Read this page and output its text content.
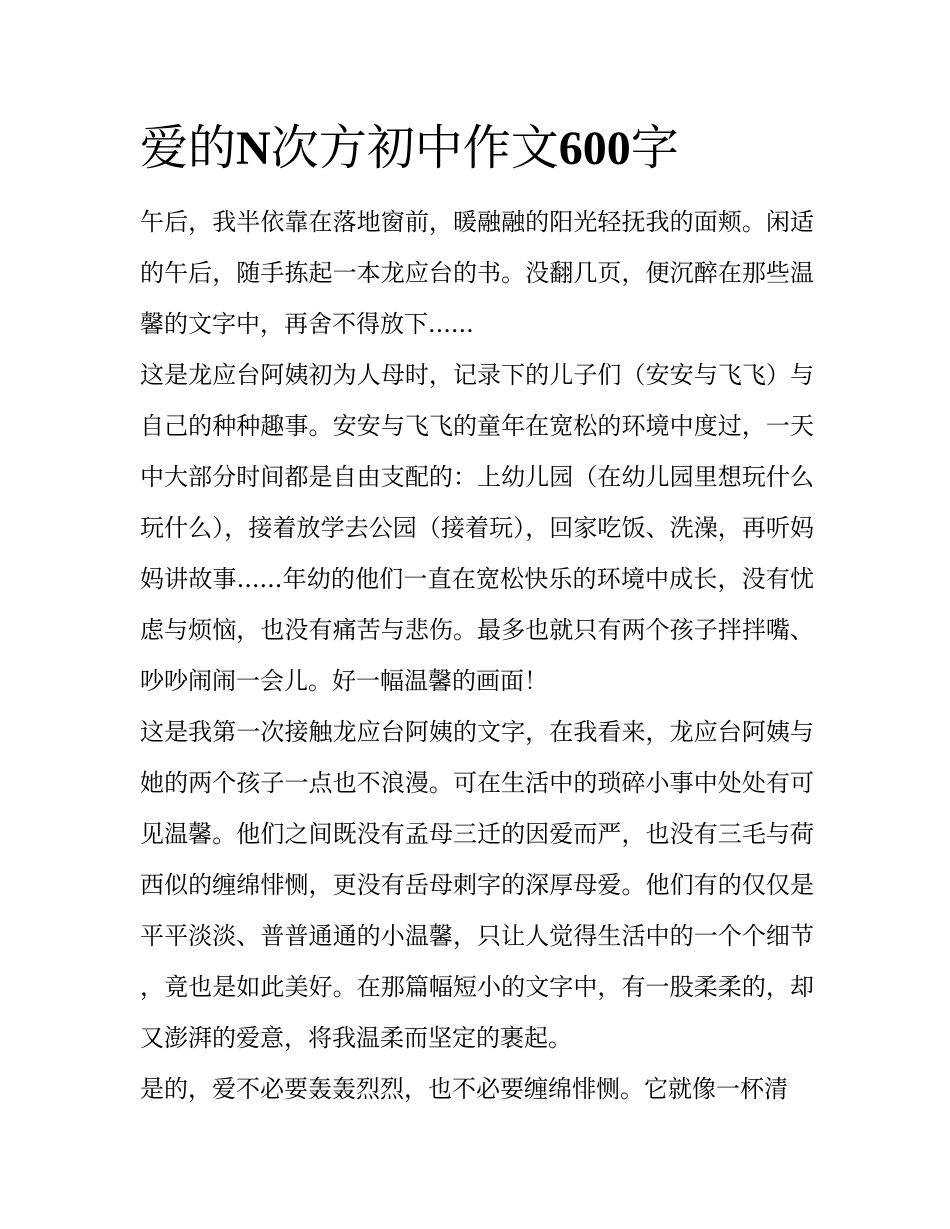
爱的N次方初中作文600字

午后，我半依靠在落地窗前，暖融融的阳光轻抚我的面颊。闲适的午后，随手拣起一本龙应台的书。没翻几页，便沉醉在那些温馨的文字中，再舍不得放下......

这是龙应台阿姨初为人母时，记录下的儿子们（安安与飞飞）与自己的种种趣事。安安与飞飞的童年在宽松的环境中度过，一天中大部分时间都是自由支配的：上幼儿园（在幼儿园里想玩什么玩什么），接着放学去公园（接着玩），回家吃饭、洗澡，再听妈妈讲故事......年幼的他们一直在宽松快乐的环境中成长，没有忧虑与烦恼，也没有痛苦与悲伤。最多也就只有两个孩子拌拌嘴、吵吵闹闹一会儿。好一幅温馨的画面！

这是我第一次接触龙应台阿姨的文字，在我看来，龙应台阿姨与她的两个孩子一点也不浪漫。可在生活中的琐碎小事中处处有可见温馨。他们之间既没有孟母三迁的因爱而严，也没有三毛与荷西似的缠绵悱恻，更没有岳母刺字的深厚母爱。他们有的仅仅是平平淡淡、普普通通的小温馨，只让人觉得生活中的一个个细节，竟也是如此美好。在那篇幅短小的文字中，有一股柔柔的，却又澎湃的爱意，将我温柔而坚定的裹起。

是的，爱不必要轰轰烈烈，也不必要缠绵悱恻。它就像一杯清
